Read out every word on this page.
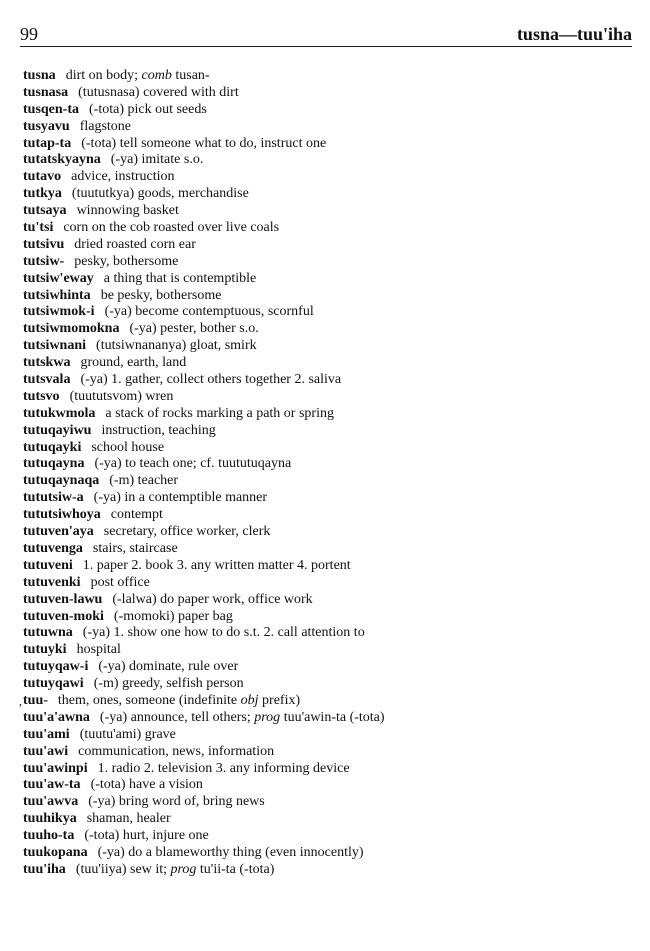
99	tusna—tuu'iha
tusna dirt on body; comb tusan-
tusnasa (tutusnasa) covered with dirt
tusqen-ta (-tota) pick out seeds
tusyavu flagstone
tutap-ta (-tota) tell someone what to do, instruct one
tutatskyayna (-ya) imitate s.o.
tutavo advice, instruction
tutkya (tuututkya) goods, merchandise
tutsaya winnowing basket
tu'tsi corn on the cob roasted over live coals
tutsivu dried roasted corn ear
tutsiw- pesky, bothersome
tutsiw'eway a thing that is contemptible
tutsiwhinta be pesky, bothersome
tutsiwmok-i (-ya) become contemptuous, scornful
tutsiwmomokna (-ya) pester, bother s.o.
tutsiwnani (tutsiwnananya) gloat, smirk
tutskwa ground, earth, land
tutsvala (-ya) 1. gather, collect others together 2. saliva
tutsvo (tuututsvom) wren
tutukwmola a stack of rocks marking a path or spring
tutuqayiwu instruction, teaching
tutuqayki school house
tutuqayna (-ya) to teach one; cf. tuututuqayna
tutuqaynaqa (-m) teacher
tututsiw-a (-ya) in a contemptible manner
tututsiwhoya contempt
tutuven'aya secretary, office worker, clerk
tutuvenga stairs, staircase
tutuveni 1. paper 2. book 3. any written matter 4. portent
tutuvenki post office
tutuven-lawu (-lalwa) do paper work, office work
tutuven-moki (-momoki) paper bag
tutuwna (-ya) 1. show one how to do s.t. 2. call attention to
tutuyki hospital
tutuyqaw-i (-ya) dominate, rule over
tutuyqawi (-m) greedy, selfish person
, tuu- them, ones, someone (indefinite obj prefix)
tuu'a'awna (-ya) announce, tell others; prog tuu'awin-ta (-tota)
tuu'ami (tuutu'ami) grave
tuu'awi communication, news, information
tuu'awinpi 1. radio 2. television 3. any informing device
tuu'aw-ta (-tota) have a vision
tuu'awva (-ya) bring word of, bring news
tuuhikya shaman, healer
tuuho-ta (-tota) hurt, injure one
tuukopana (-ya) do a blameworthy thing (even innocently)
tuu'iha (tuu'iiya) sew it; prog tu'ii-ta (-tota)
